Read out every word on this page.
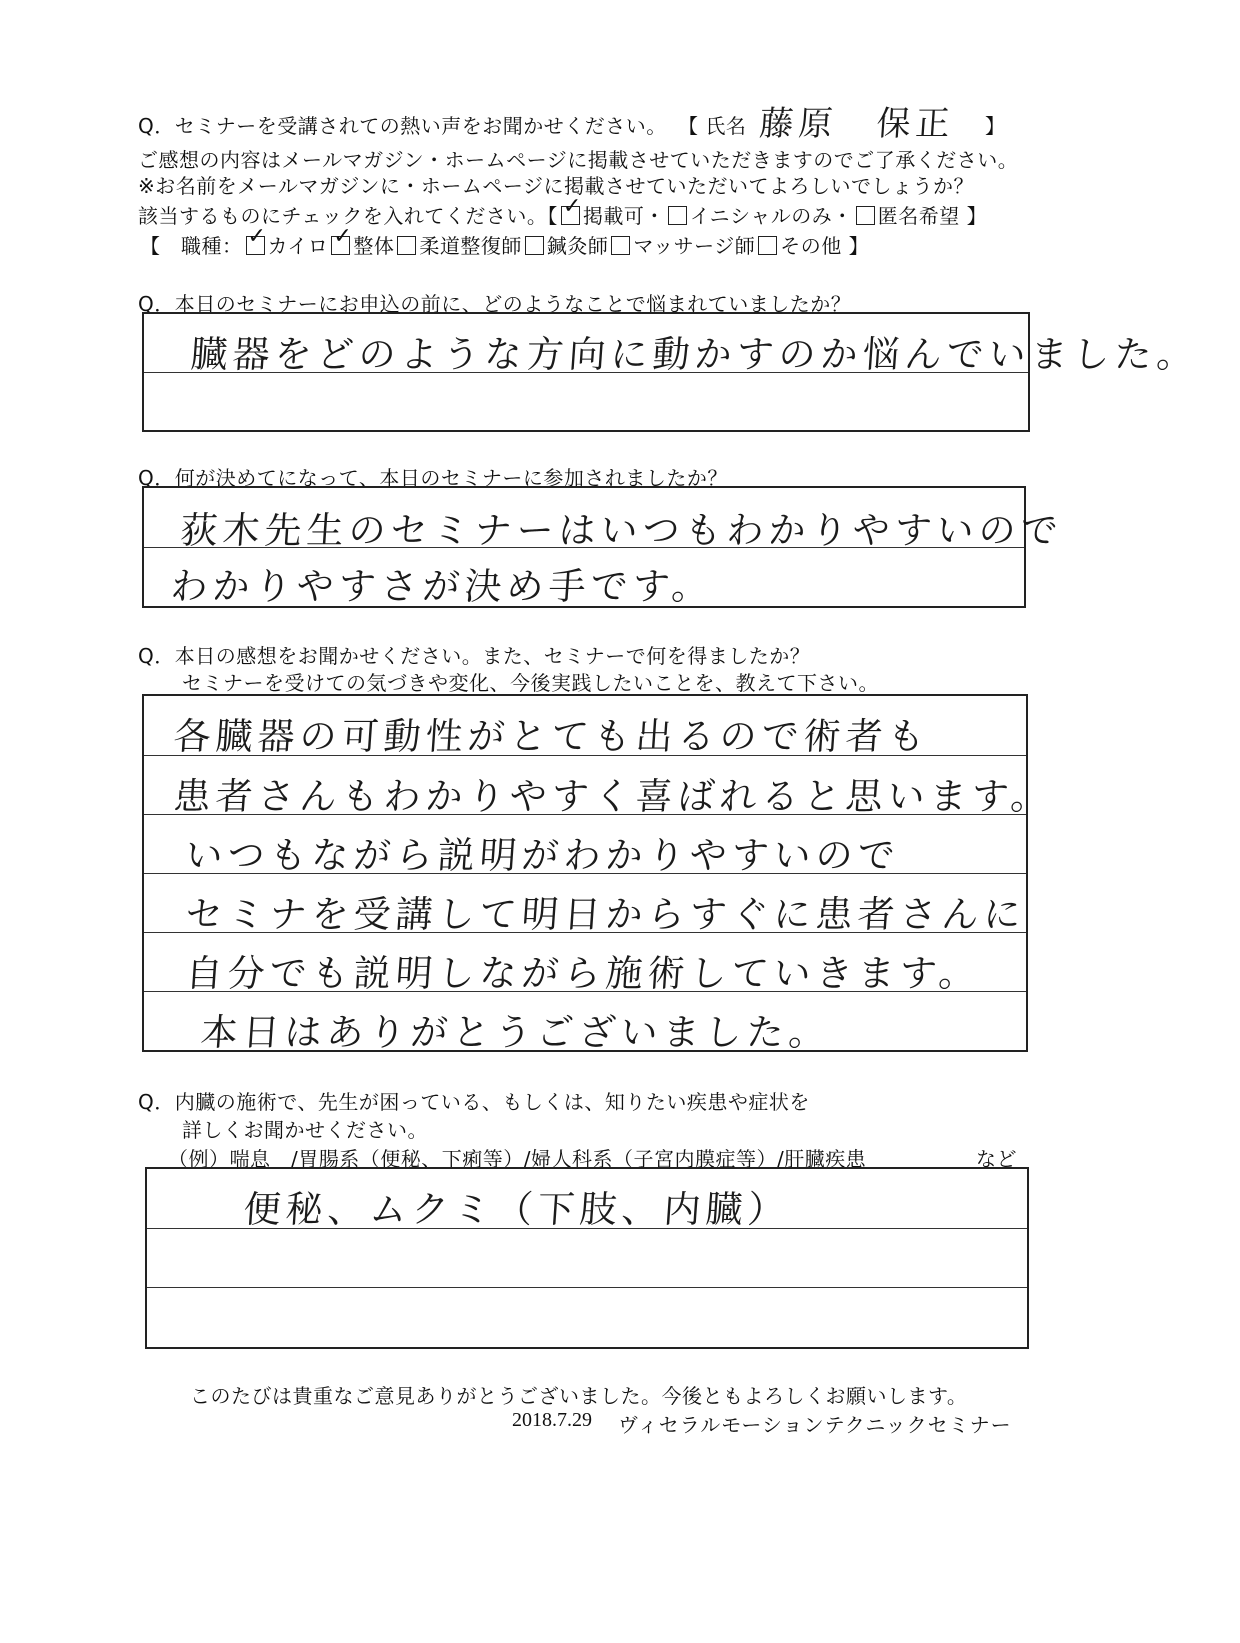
Q．セミナーを受講されての熱い声をお聞かせください。 【 氏名 藤原　保正 】
ご感想の内容はメールマガジン・ホームページに掲載させていただきますのでご了承ください。
※お名前をメールマガジンに・ホームページに掲載させていただいてよろしいでしょうか？
該当するものにチェックを入れてください。【 ✓ 掲載可・ イニシャルのみ・ 匿名希望 】
【　職種： ✓ カイロ ✓ 整体 柔道整復師 鍼灸師 マッサージ師 その他 】
Q．本日のセミナーにお申込の前に、どのようなことで悩まれていましたか？
臓器をどのような方向に動かすのか悩んでいました。
Q．何が決めてになって、本日のセミナーに参加されましたか？
荻木先生のセミナーはいつもわかりやすいので
わかりやすさが決め手です。
Q．本日の感想をお聞かせください。また、セミナーで何を得ましたか？
セミナーを受けての気づきや変化、今後実践したいことを、教えて下さい。
各臓器の可動性がとても出るので術者も
患者さんもわかりやすく喜ばれると思います。
いつもながら説明がわかりやすいので
セミナを受講して明日からすぐに患者さんに
自分でも説明しながら施術していきます。
本日はありがとうございました。
Q．内臓の施術で、先生が困っている、もしくは、知りたい疾患や症状を
詳しくお聞かせください。
（例）喘息　/胃腸系（便秘、下痢等）/婦人科系（子宮内膜症等）/肝臓疾患	など
便秘、ムクミ（下肢、内臓）
このたびは貴重なご意見ありがとうございました。今後ともよろしくお願いします。
2018.7.29 ヴィセラルモーションテクニックセミナー
